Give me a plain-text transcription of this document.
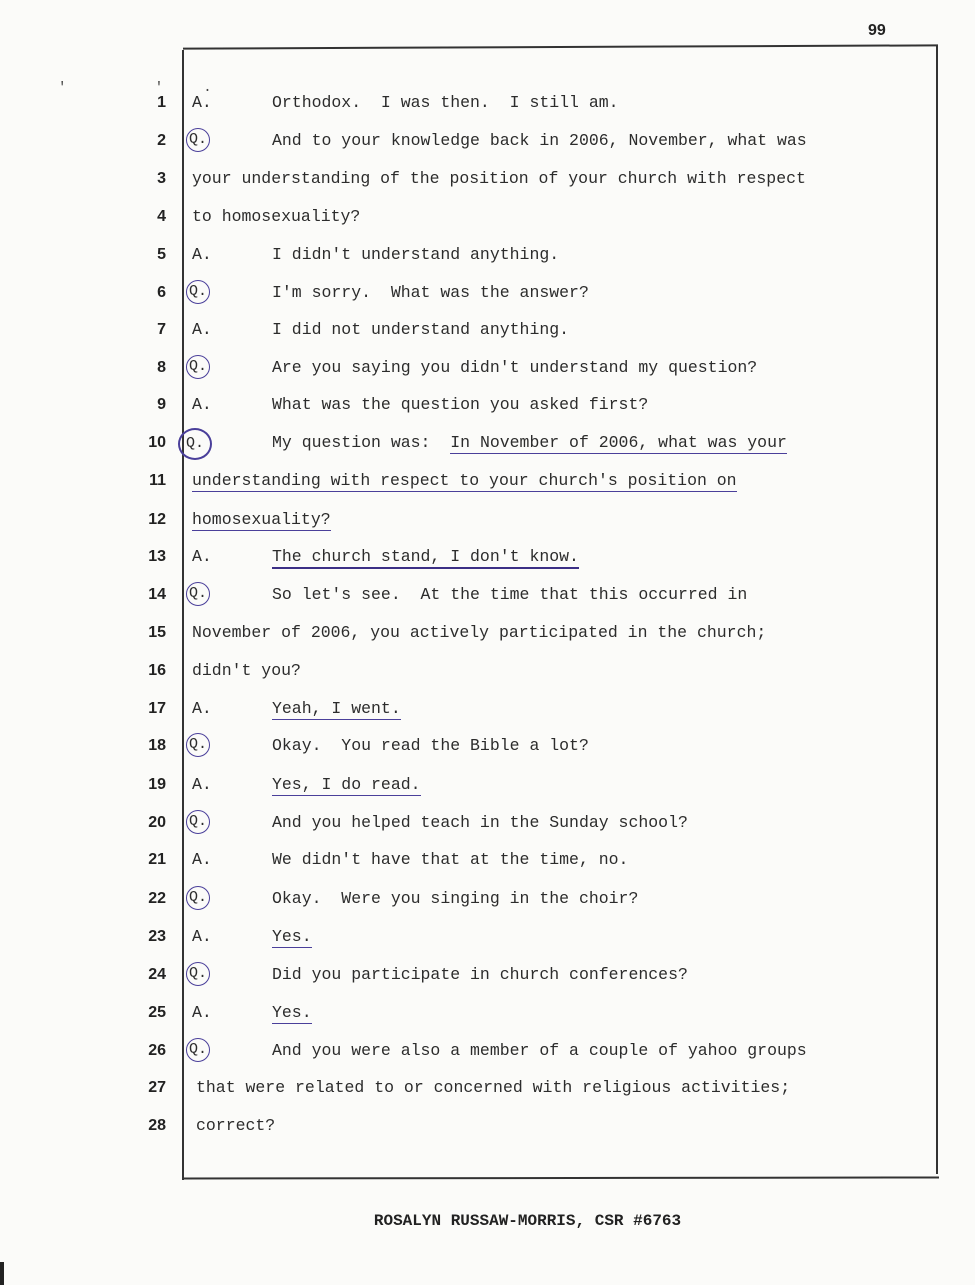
99
' '.
1 A.	Orthodox.  I was then.  I still am.
2 Q.	And to your knowledge back in 2006, November, what was
3 your understanding of the position of your church with respect
4 to homosexuality?
5 A.	I didn't understand anything.
6 Q.	I'm sorry.  What was the answer?
7 A.	I did not understand anything.
8 Q.	Are you saying you didn't understand my question?
9 A.	What was the question you asked first?
10	Q.	My question was:  In November of 2006, what was your
11 understanding with respect to your church's position on
12 homosexuality?
13 A.	The church stand, I don't know.
14 Q.	So let's see.  At the time that this occurred in
15 November of 2006, you actively participated in the church;
16 didn't you?
17 A.	Yeah, I went.
18 Q.	Okay.  You read the Bible a lot?
19 A.	Yes, I do read.
20 Q.	And you helped teach in the Sunday school?
21 A.	We didn't have that at the time, no.
22 Q.	Okay.  Were you singing in the choir?
23 A.	Yes.
24 Q.	Did you participate in church conferences?
25 A.	Yes.
26 Q.	And you were also a member of a couple of yahoo groups
27 that were related to or concerned with religious activities;
28 correct?
ROSALYN RUSSAW-MORRIS, CSR #6763
